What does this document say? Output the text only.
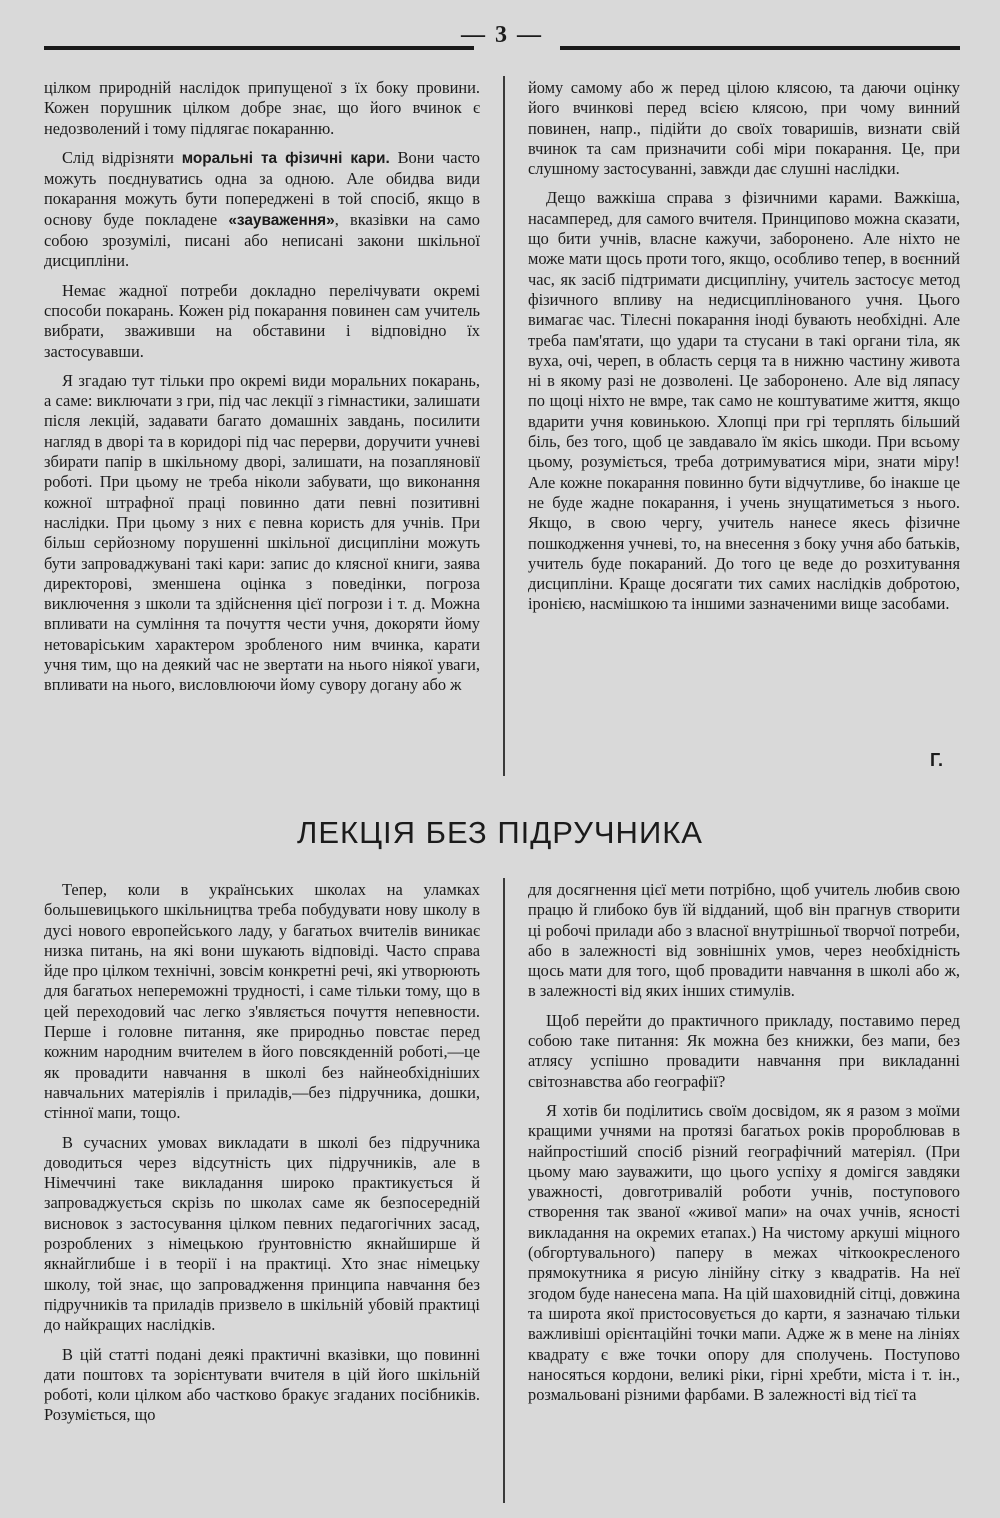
— 3 —

цілком природній наслідок припущеної з їх боку провини. Кожен порушник цілком добре знає, що його вчинок є недозволений і тому підлягає покаранню.

Слід відрізняти моральні та фізичні кари. Вони часто можуть поєднуватись одна за одною. Але обидва види покарання можуть бути попереджені в той спосіб, якщо в основу буде покладене «зауваження», вказівки на само собою зрозумілі, писані або неписані закони шкільної дисципліни.

Немає жадної потреби докладно перелічувати окремі способи покарань. Кожен рід покарання повинен сам учитель вибрати, зваживши на обставини і відповідно їх застосувавши.

Я згадаю тут тільки про окремі види моральних покарань, а саме: виключати з гри, під час лекції з гімнастики, залишати після лекцій, задавати багато домашніх завдань, посилити нагляд в дворі та в коридорі під час перерви, доручити учневі збирати папір в шкільному дворі, залишати, на позапляновії роботі. При цьому не треба ніколи забувати, що виконання кожної штрафної праці повинно дати певні позитивні наслідки. При цьому з них є певна користь для учнів. При більш серйозному порушенні шкільної дисципліни можуть бути запроваджувані такі кари: запис до клясної книги, заява директорові, зменшена оцінка з поведінки, погроза виключення з школи та здійснення цієї погрози і т. д. Можна впливати на сумління та почуття чести учня, докоряти йому нетоваріським характером зробленого ним вчинка, карати учня тим, що на деякий час не звертати на нього ніякої уваги, впливати на нього, висловлюючи йому сувору догану або ж

йому самому або ж перед цілою клясою, та даючи оцінку його вчинкові перед всією клясою, при чому винний повинен, напр., підійти до своїх товаришів, визнати свій вчинок та сам призначити собі міри покарання. Це, при слушному застосуванні, завжди дає слушні наслідки.

Дещо важкіша справа з фізичними карами. Важкіша, насамперед, для самого вчителя. Принципово можна сказати, що бити учнів, власне кажучи, заборонено. Але ніхто не може мати щось проти того, якщо, особливо тепер, в воєнний час, як засіб підтримати дисципліну, учитель застосує метод фізичного впливу на недисциплінованого учня. Цього вимагає час. Тілесні покарання іноді бувають необхідні. Але треба пам'ятати, що удари та стусани в такі органи тіла, як вуха, очі, череп, в область серця та в нижню частину живота ні в якому разі не дозволені. Це заборонено. Але від ляпасу по щоці ніхто не вмре, так само не коштуватиме життя, якщо вдарити учня ковинькою. Хлопці при грі терплять більший біль, без того, щоб це завдавало їм якісь шкоди. При всьому цьому, розуміється, треба дотримуватися міри, знати міру! Але кожне покарання повинно бути відчутливе, бо інакше це не буде жадне покарання, і учень знущатиметься з нього. Якщо, в свою чергу, учитель нанесе якесь фізичне пошкодження учневі, то, на внесення з боку учня або батьків, учитель буде покараний. До того це веде до розхитування дисципліни. Краще досягати тих самих наслідків добротою, іронією, насмішкою та іншими зазначеними вище засобами.

Г.
ЛЕКЦІЯ БЕЗ ПІДРУЧНИКА

Тепер, коли в українських школах на уламках большевицького шкільництва треба побудувати нову школу в дусі нового европейського ладу, у багатьох вчителів виникає низка питань, на які вони шукають відповіді. Часто справа йде про цілком технічні, зовсім конкретні речі, які утворюють для багатьох непереможні трудності, і саме тільки тому, що в цей переходовий час легко з'являється почуття непевности. Перше і головне питання, яке природньо повстає перед кожним народним вчителем в його повсякденній роботі,—це як провадити навчання в школі без найнеобхідніших навчальних матеріялів і приладів,—без підручника, дошки, стінної мапи, тощо.

В сучасних умовах викладати в школі без підручника доводиться через відсутність цих підручників, але в Німеччині таке викладання широко практикується й запроваджується скрізь по школах саме як безпосередній висновок з застосування цілком певних педагогічних засад, розроблених з німецькою ґрунтовністю якнайширше й якнайглибше і в теорії і на практиці. Хто знає німецьку школу, той знає, що запровадження принципа навчання без підручників та приладів призвело в шкільній убовій практиці до найкращих наслідків.

В цій статті подані деякі практичні вказівки, що повинні дати поштовх та зорієнтувати вчителя в цій його шкільній роботі, коли цілком або частково бракує згаданих посібників. Розуміється, що

для досягнення цієї мети потрібно, щоб учитель любив свою працю й глибоко був їй відданий, щоб він прагнув створити ці робочі прилади або з власної внутрішньої творчої потреби, або в залежності від зовнішніх умов, через необхідність щось мати для того, щоб провадити навчання в школі або ж, в залежності від яких інших стимулів.

Щоб перейти до практичного прикладу, поставимо перед собою таке питання: Як можна без книжки, без мапи, без атлясу успішно провадити навчання при викладанні світознавства або географії?

Я хотів би поділитись своїм досвідом, як я разом з моїми кращими учнями на протязі багатьох років пророблював в найпростіший спосіб різний географічний матеріял. (При цьому маю зауважити, що цього успіху я домігся завдяки уважності, довготривалій роботи учнів, поступового створення так званої «живої мапи» на очах учнів, ясності викладання на окремих етапах.) На чистому аркуші міцного (обгортувального) паперу в межах чіткоокресленого прямокутника я рисую лінійну сітку з квадратів. На неї згодом буде нанесена мапа. На цій шаховидній сітці, довжина та широта якої пристосовується до карти, я зазначаю тільки важливіші орієнтаційні точки мапи. Адже ж в мене на лініях квадрату є вже точки опору для сполучень. Поступово наносяться кордони, великі ріки, гірні хребти, міста і т. ін., розмальовані різними фарбами. В залежності від тієї та
